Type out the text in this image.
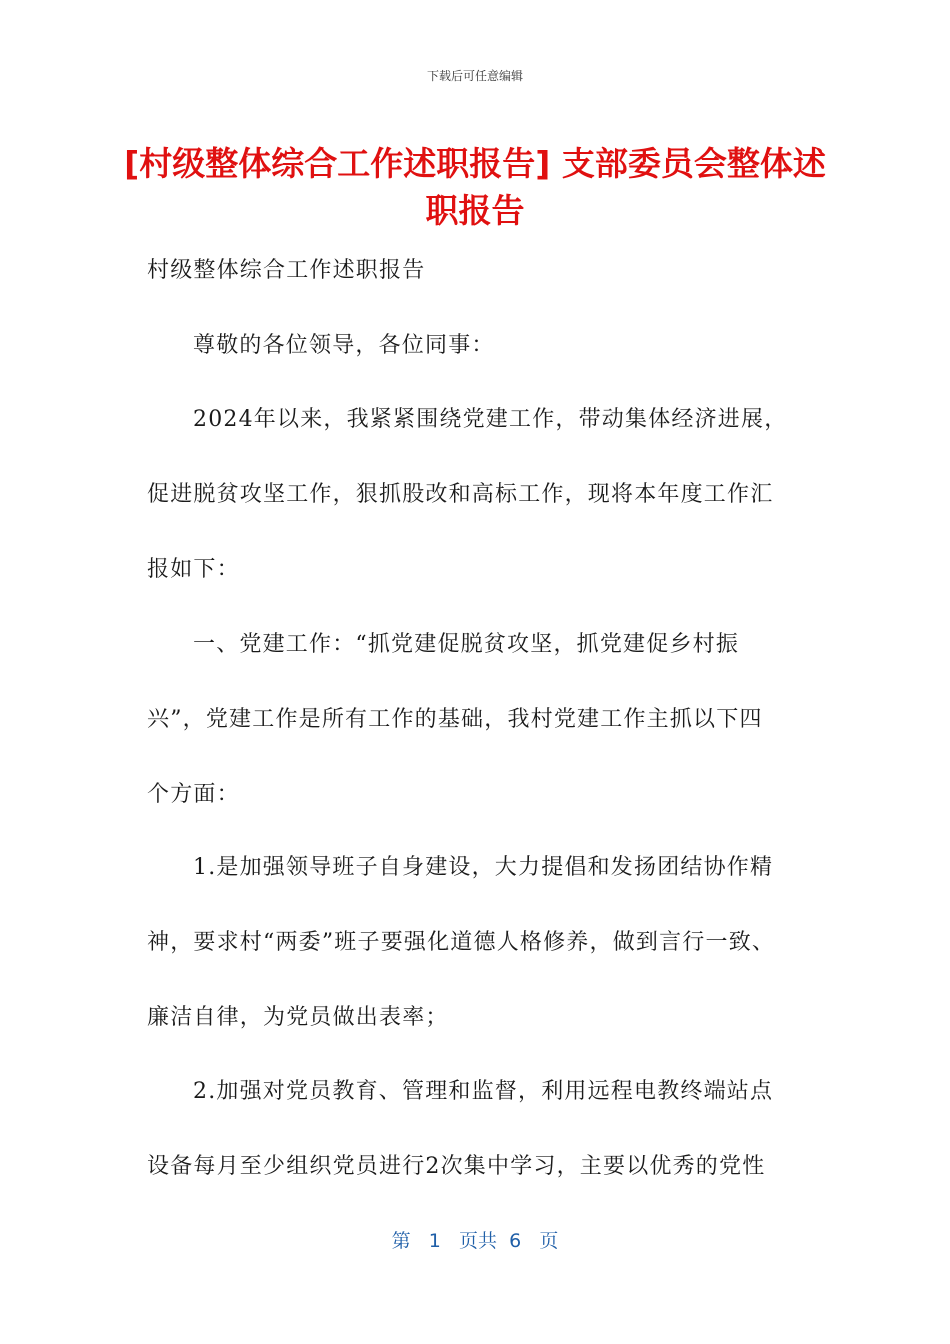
下载后可任意编辑
[村级整体综合工作述职报告] 支部委员会整体述职报告
村级整体综合工作述职报告
尊敬的各位领导，各位同事：
2024年以来，我紧紧围绕党建工作，带动集体经济进展，
促进脱贫攻坚工作，狠抓股改和高标工作，现将本年度工作汇
报如下：
一、党建工作：“抓党建促脱贫攻坚，抓党建促乡村振
兴”，党建工作是所有工作的基础，我村党建工作主抓以下四
个方面：
1.是加强领导班子自身建设，大力提倡和发扬团结协作精
神，要求村“两委”班子要强化道德人格修养，做到言行一致、
廉洁自律，为党员做出表率；
2.加强对党员教育、管理和监督，利用远程电教终端站点
设备每月至少组织党员进行2次集中学习，主要以优秀的党性
第 1 页共 6 页
